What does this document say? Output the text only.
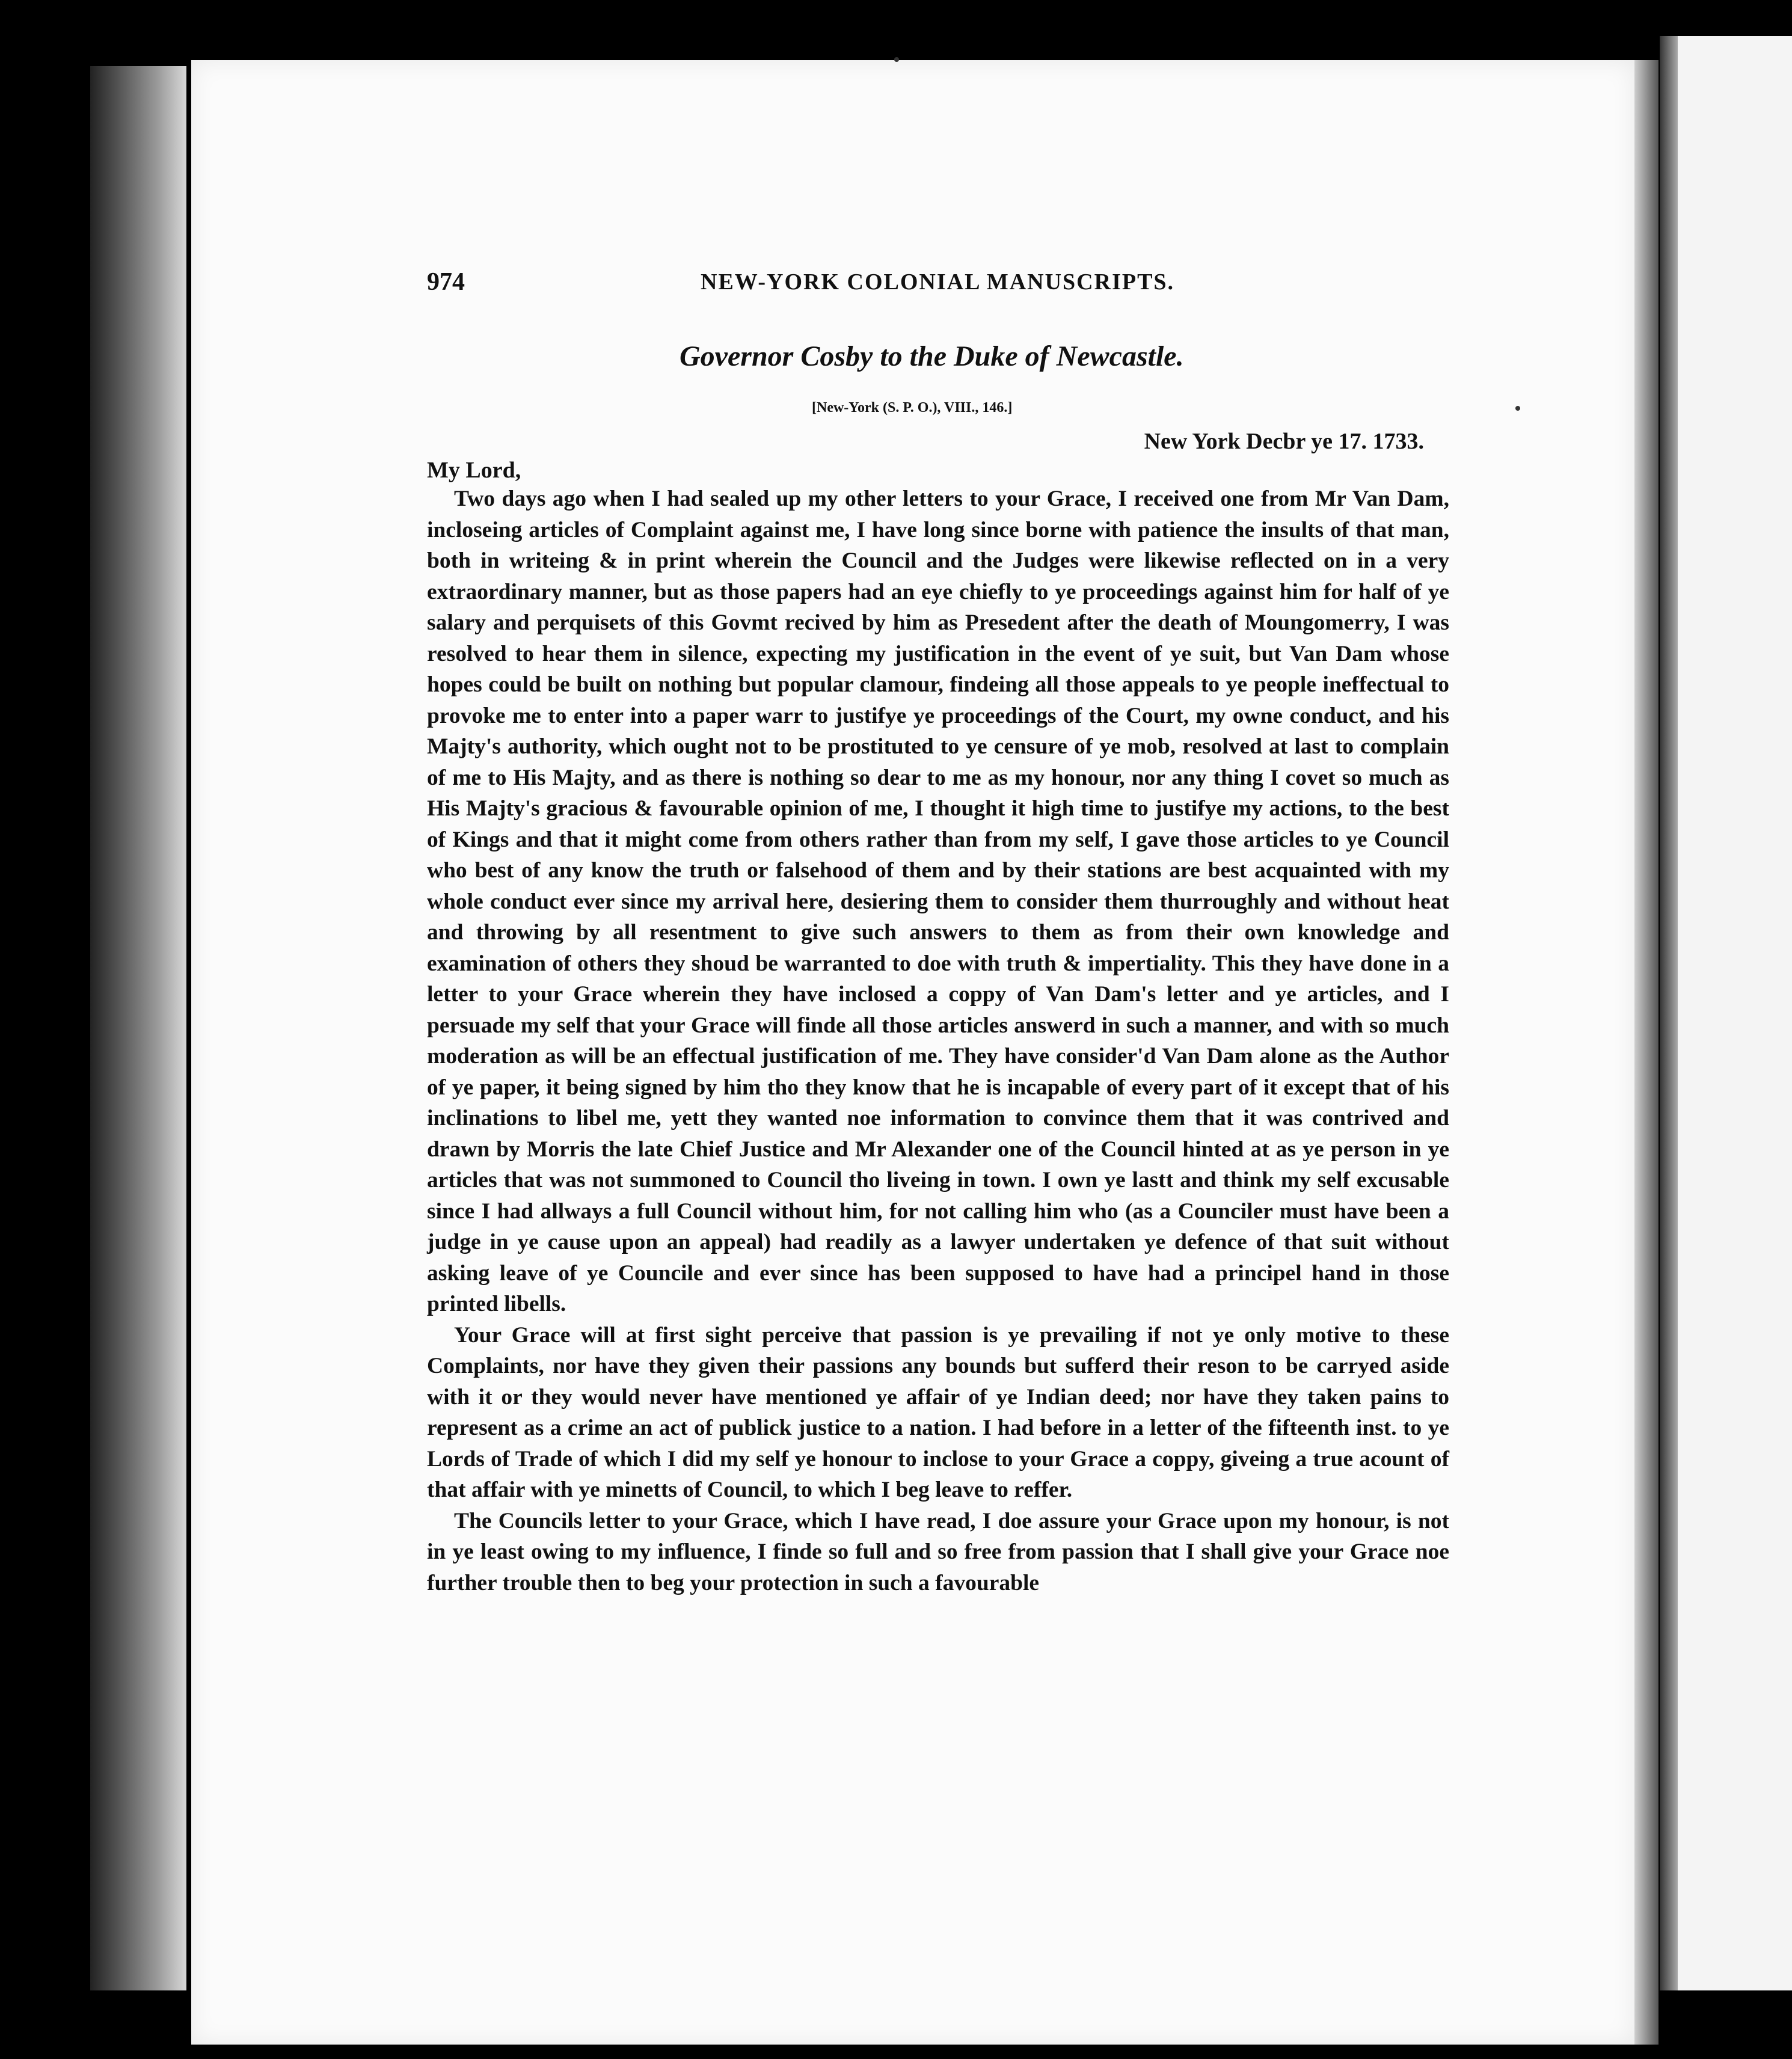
974	NEW-YORK COLONIAL MANUSCRIPTS.
Governor Cosby to the Duke of Newcastle.
[New-York (S. P. O.), VIII., 146.]
New York Decbr ye 17. 1733.
My Lord,

Two days ago when I had sealed up my other letters to your Grace, I received one from Mr Van Dam, incloseing articles of Complaint against me, I have long since borne with patience the insults of that man, both in writeing & in print wherein the Council and the Judges were likewise reflected on in a very extraordinary manner, but as those papers had an eye chiefly to ye proceedings against him for half of ye salary and perquisets of this Govmt recived by him as Presedent after the death of Moungomerry, I was resolved to hear them in silence, expecting my justification in the event of ye suit, but Van Dam whose hopes could be built on nothing but popular clamour, findeing all those appeals to ye people ineffectual to provoke me to enter into a paper warr to justifye ye proceedings of the Court, my owne conduct, and his Majty's authority, which ought not to be prostituted to ye censure of ye mob, resolved at last to complain of me to His Majty, and as there is nothing so dear to me as my honour, nor any thing I covet so much as His Majty's gracious & favourable opinion of me, I thought it high time to justifye my actions, to the best of Kings and that it might come from others rather than from my self, I gave those articles to ye Council who best of any know the truth or falsehood of them and by their stations are best acquainted with my whole conduct ever since my arrival here, desiering them to consider them thurroughly and without heat and throwing by all resentment to give such answers to them as from their own knowledge and examination of others they shoud be warranted to doe with truth & impertiality. This they have done in a letter to your Grace wherein they have inclosed a coppy of Van Dam's letter and ye articles, and I persuade my self that your Grace will finde all those articles answerd in such a manner, and with so much moderation as will be an effectual justification of me. They have consider'd Van Dam alone as the Author of ye paper, it being signed by him tho they know that he is incapable of every part of it except that of his inclinations to libel me, yett they wanted noe information to convince them that it was contrived and drawn by Morris the late Chief Justice and Mr Alexander one of the Council hinted at as ye person in ye articles that was not summoned to Council tho liveing in town. I own ye lastt and think my self excusable since I had allways a full Council without him, for not calling him who (as a Counciler must have been a judge in ye cause upon an appeal) had readily as a lawyer undertaken ye defence of that suit without asking leave of ye Councile and ever since has been supposed to have had a principel hand in those printed libells.

Your Grace will at first sight perceive that passion is ye prevailing if not ye only motive to these Complaints, nor have they given their passions any bounds but sufferd their reson to be carryed aside with it or they would never have mentioned ye affair of ye Indian deed; nor have they taken pains to represent as a crime an act of publick justice to a nation. I had before in a letter of the fifteenth inst. to ye Lords of Trade of which I did my self ye honour to inclose to your Grace a coppy, giveing a true acount of that affair with ye minetts of Council, to which I beg leave to reffer.

The Councils letter to your Grace, which I have read, I doe assure your Grace upon my honour, is not in ye least owing to my influence, I finde so full and so free from passion that I shall give your Grace noe further trouble then to beg your protection in such a favourable
